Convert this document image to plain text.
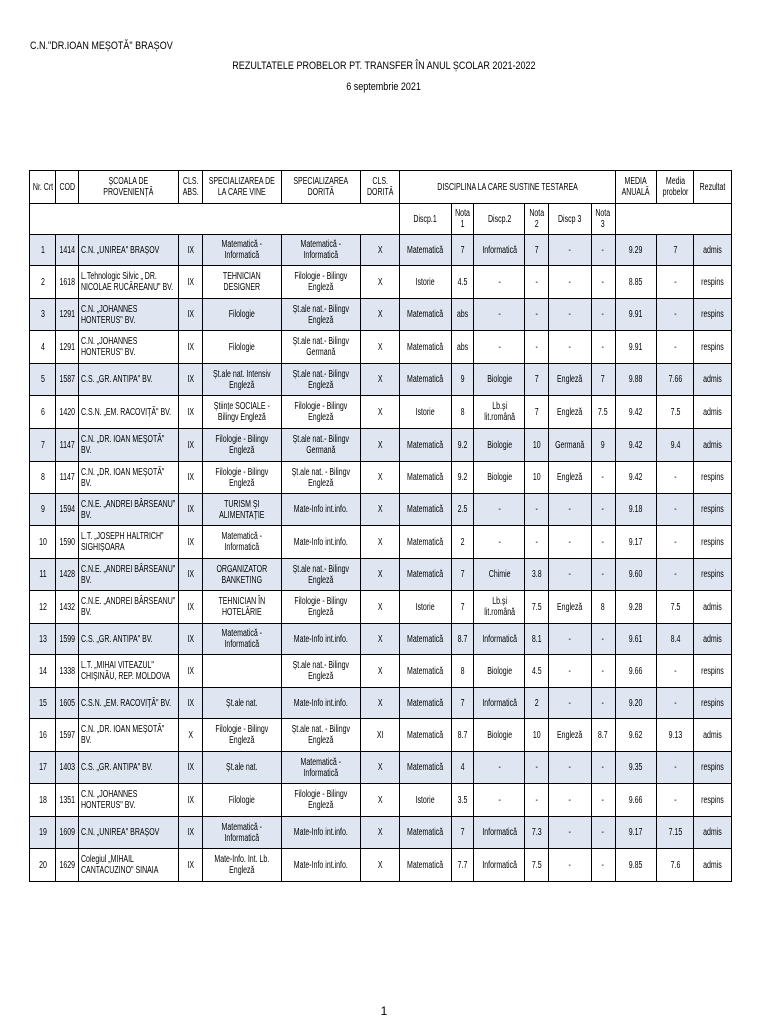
C.N."DR.IOAN MEȘOTĂ" BRAȘOV
REZULTATELE PROBELOR PT. TRANSFER ÎN ANUL ȘCOLAR 2021-2022
6 septembrie 2021
Nr. Crt	COD	ȘCOALA DE PROVENIENȚĂ	CLS. ABS.	SPECIALIZAREA DE LA CARE VINE	SPECIALIZAREA DORITĂ	CLS. DORITĂ	DISCIPLINA LA CARE SUSTINE TESTAREA						MEDIA ANUALĂ	Media probelor	Rezultat

							Discp.1	Nota 1	Discp.2	Nota 2	Discp 3	Nota 3			

1	1414	C.N. „UNIREA" BRAȘOV	IX	Matematică - Informatică	Matematică - Informatică	X	Matematică	7	Informatică	7	-	-	9.29	7	admis

2	1618	L.Tehnologic Silvic „ DR. NICOLAE RUCĂREANU" BV.	IX	TEHNICIAN DESIGNER	Filologie - Bilingv Engleză	X	Istorie	4.5	-	-	-	-	8.85	-	respins

3	1291	C.N. „JOHANNES HONTERUS" BV.	IX	Filologie	Șt.ale nat.- Bilingv Engleză	X	Matematică	abs	-	-	-	-	9.91	-	respins

4	1291	C.N. „JOHANNES HONTERUS" BV.	IX	Filologie	Șt.ale nat.- Bilingv Germană	X	Matematică	abs	-	-	-	-	9.91	-	respins

5	1587	C.S. „GR. ANTIPA" BV.	IX	Șt.ale nat. Intensiv Engleză	Șt.ale nat.- Bilingv Engleză	X	Matematică	9	Biologie	7	Engleză	7	9.88	7.66	admis

6	1420	C.S.N. „EM. RACOVIȚĂ" BV.	IX	Științe SOCIALE - Bilingv Engleză	Filologie - Bilingv Engleză	X	Istorie	8	Lb.și lit.română	7	Engleză	7.5	9.42	7.5	admis

7	1147	C.N. „DR. IOAN MEȘOTĂ" BV.	IX	Filologie - Bilingv Engleză	Șt.ale nat.- Bilingv Germană	X	Matematică	9.2	Biologie	10	Germană	9	9.42	9.4	admis

8	1147	C.N. „DR. IOAN MEȘOTĂ" BV.	IX	Filologie - Bilingv Engleză	Șt.ale nat. - Bilingv Engleză	X	Matematică	9.2	Biologie	10	Engleză	-	9.42	-	respins

9	1594	C.N.E. „ANDREI BÂRSEANU" BV.	IX	TURISM ȘI ALIMENTAȚIE	Mate-Info int.info.	X	Matematică	2.5	-	-	-	-	9.18	-	respins

10	1590	L.T. „JOSEPH HALTRICH" SIGHIȘOARA	IX	Matematică - Informatică	Mate-Info int.info.	X	Matematică	2	-	-	-	-	9.17	-	respins

11	1428	C.N.E. „ANDREI BÂRSEANU" BV.	IX	ORGANIZATOR BANKETING	Șt.ale nat.- Bilingv Engleză	X	Matematică	7	Chimie	3.8	-	-	9.60	-	respins

12	1432	C.N.E. „ANDREI BÂRSEANU" BV.	IX	TEHNICIAN ÎN HOTELĂRIE	Filologie - Bilingv Engleză	X	Istorie	7	Lb.și lit.română	7.5	Engleză	8	9.28	7.5	admis

13	1599	C.S. „GR. ANTIPA" BV.	IX	Matematică - Informatică	Mate-Info int.info.	X	Matematică	8.7	Informatică	8.1	-	-	9.61	8.4	admis

14	1338	L.T. „MIHAI VITEAZUL" CHIȘINĂU, REP. MOLDOVA	IX		Șt.ale nat.- Bilingv Engleză	X	Matematică	8	Biologie	4.5	-	-	9.66	-	respins

15	1605	C.S.N. „EM. RACOVIȚĂ" BV.	IX	Șt.ale nat.	Mate-Info int.info.	X	Matematică	7	Informatică	2	-	-	9.20	-	respins

16	1597	C.N. „DR. IOAN MEȘOTĂ" BV.	X	Filologie - Bilingv Engleză	Șt.ale nat. - Bilingv Engleză	XI	Matematică	8.7	Biologie	10	Engleză	8.7	9.62	9.13	admis

17	1403	C.S. „GR. ANTIPA" BV.	IX	Șt.ale nat.	Matematică - Informatică	X	Matematică	4	-	-	-	-	9.35	-	respins

18	1351	C.N. „JOHANNES HONTERUS" BV.	IX	Filologie	Filologie - Bilingv Engleză	X	Istorie	3.5	-	-	-	-	9.66	-	respins

19	1609	C.N. „UNIREA" BRAȘOV	IX	Matematică - Informatică	Mate-Info int.info.	X	Matematică	7	Informatică	7.3	-	-	9.17	7.15	admis

20	1629	Colegiul „MIHAIL CANTACUZINO" SINAIA	IX	Mate-Info. Int. Lb. Engleză	Mate-Info int.info.	X	Matematică	7.7	Informatică	7.5	-	-	9.85	7.6	admis
1
